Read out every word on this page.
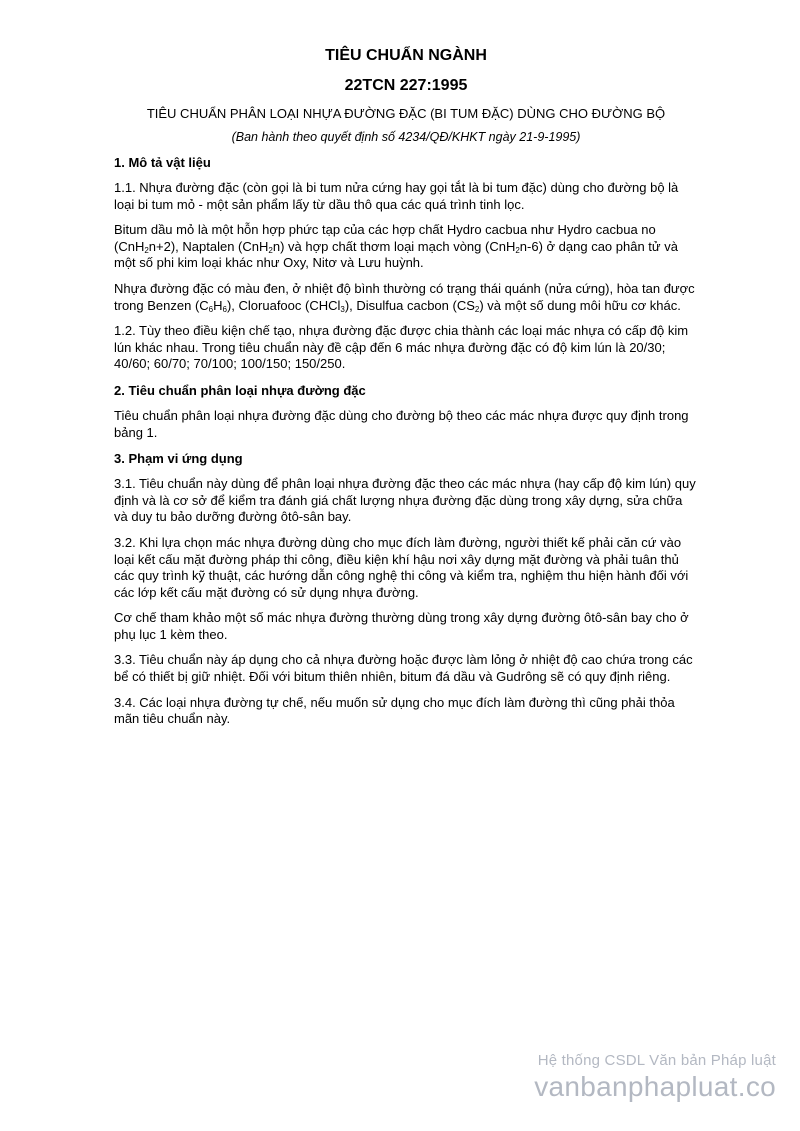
TIÊU CHUẨN NGÀNH
22TCN 227:1995
TIÊU CHUẨN PHÂN LOẠI NHỰA ĐƯỜNG ĐẶC (BI TUM ĐẶC) DÙNG CHO ĐƯỜNG BỘ
(Ban hành theo quyết định số 4234/QĐ/KHKT ngày 21-9-1995)
1. Mô tả vật liệu
1.1. Nhựa đường đặc (còn gọi là bi tum nửa cứng hay gọi tắt là bi tum đặc) dùng cho đường bộ là loại bi tum mỏ - một sản phẩm lấy từ dầu thô qua các quá trình tinh lọc.
Bitum dầu mỏ là một hỗn hợp phức tạp của các hợp chất Hydro cacbua như Hydro cacbua no (CnH$_2$n+2), Naptalen (CnH$_2$n) và hợp chất thơm loại mạch vòng (CnH$_2$n-6) ở dạng cao phân tử và một số phi kim loại khác như Oxy, Nitơ và Lưu huỳnh.
Nhựa đường đặc có màu đen, ở nhiệt độ bình thường có trạng thái quánh (nửa cứng), hòa tan được trong Benzen $(C_6H_6)$, Cloruafooc (CHCl$_3$), Disulfua cacbon $(CS_2)$ và một số dung môi hữu cơ khác.
1.2. Tùy theo điều kiện chế tạo, nhựa đường đặc được chia thành các loại mác nhựa có cấp độ kim lún khác nhau. Trong tiêu chuẩn này đề cập đến 6 mác nhựa đường đặc có độ kim lún là 20/30; 40/60; 60/70; 70/100; 100/150; 150/250.
2. Tiêu chuẩn phân loại nhựa đường đặc
Tiêu chuẩn phân loại nhựa đường đặc dùng cho đường bộ theo các mác nhựa được quy định trong bảng 1.
3. Phạm vi ứng dụng
3.1. Tiêu chuẩn này dùng để phân loại nhựa đường đặc theo các mác nhựa (hay cấp độ kim lún) quy định và là cơ sở để kiểm tra đánh giá chất lượng nhựa đường đặc dùng trong xây dựng, sửa chữa và duy tu bảo dưỡng đường ôtô-sân bay.
3.2. Khi lựa chọn mác nhựa đường dùng cho mục đích làm đường, người thiết kế phải căn cứ vào loại kết cấu mặt đường pháp thi công, điều kiện khí hậu nơi xây dựng mặt đường và phải tuân thủ các quy trình kỹ thuật, các hướng dẫn công nghệ thi công và kiểm tra, nghiệm thu hiện hành đối với các lớp kết cấu mặt đường có sử dụng nhựa đường.
Cơ chế tham khảo một số mác nhựa đường thường dùng trong xây dựng đường ôtô-sân bay cho ở phụ lục 1 kèm theo.
3.3. Tiêu chuẩn này áp dụng cho cả nhựa đường hoặc được làm lỏng ở nhiệt độ cao chứa trong các bể có thiết bị giữ nhiệt. Đối với bitum thiên nhiên, bitum đá dầu và Gudrông sẽ có quy định riêng.
3.4. Các loại nhựa đường tự chế, nếu muốn sử dụng cho mục đích làm đường thì cũng phải thỏa mãn tiêu chuẩn này.
Hệ thống CSDL Văn bản Pháp luật
vanbanphapluat.co
